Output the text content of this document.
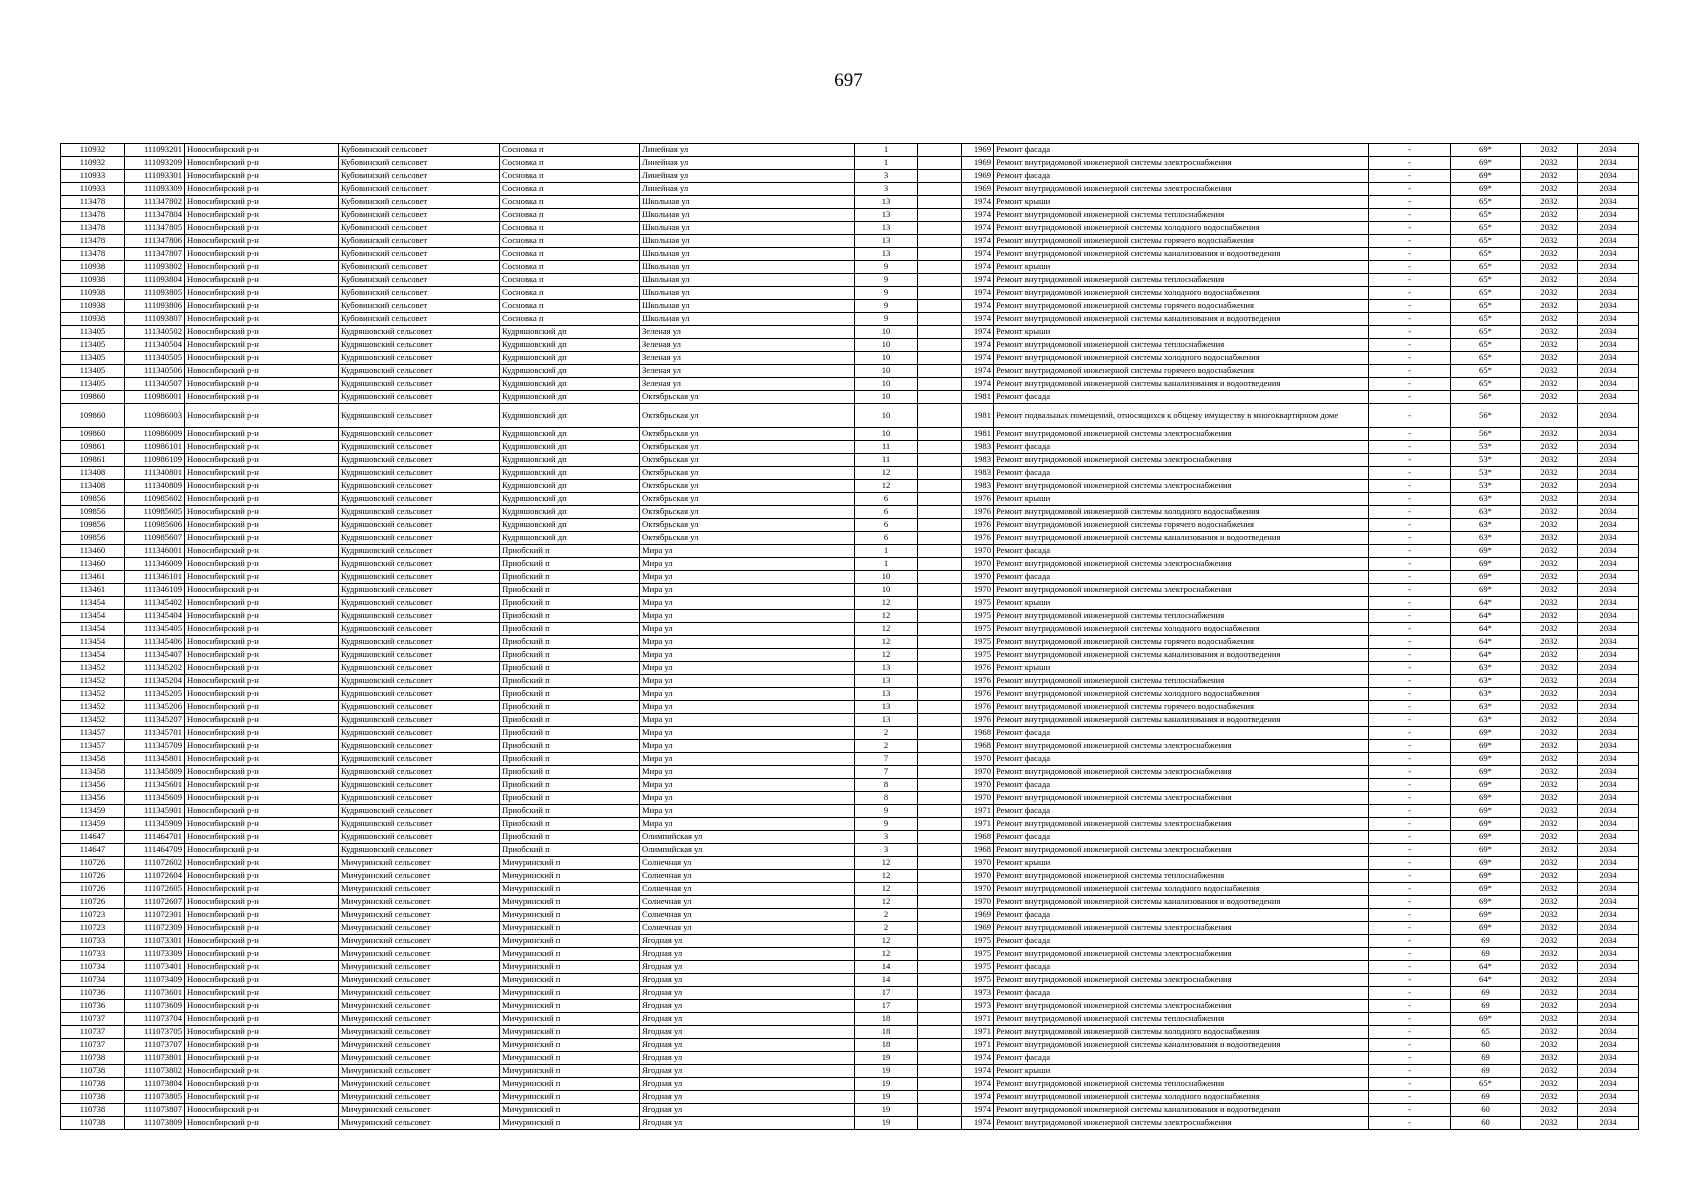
697
110932	111093201	Новосибирский р-н	Кубовинский сельсовет	Сосновка п	Линейная ул	1		1969	Ремонт фасада	-	69*	2032	2034
110932	111093209	Новосибирский р-н	Кубовинский сельсовет	Сосновка п	Линейная ул	1		1969	Ремонт внутридомовой инженерной системы электроснабжения	-	69*	2032	2034
110933	111093301	Новосибирский р-н	Кубовинский сельсовет	Сосновка п	Линейная ул	3		1969	Ремонт фасада	-	69*	2032	2034
110933	111093309	Новосибирский р-н	Кубовинский сельсовет	Сосновка п	Линейная ул	3		1969	Ремонт внутридомовой инженерной системы электроснабжения	-	69*	2032	2034
113478	111347802	Новосибирский р-н	Кубовинский сельсовет	Сосновка п	Школьная ул	13		1974	Ремонт крыши	-	65*	2032	2034
113478	111347804	Новосибирский р-н	Кубовинский сельсовет	Сосновка п	Школьная ул	13		1974	Ремонт внутридомовой инженерной системы теплоснабжения	-	65*	2032	2034
113478	111347805	Новосибирский р-н	Кубовинский сельсовет	Сосновка п	Школьная ул	13		1974	Ремонт внутридомовой инженерной системы холодного водоснабжения	-	65*	2032	2034
113478	111347806	Новосибирский р-н	Кубовинский сельсовет	Сосновка п	Школьная ул	13		1974	Ремонт внутридомовой инженерной системы горячего водоснабжения	-	65*	2032	2034
113478	111347807	Новосибирский р-н	Кубовинский сельсовет	Сосновка п	Школьная ул	13		1974	Ремонт внутридомовой инженерной системы канализования и водоотведения	-	65*	2032	2034
110938	111093802	Новосибирский р-н	Кубовинский сельсовет	Сосновка п	Школьная ул	9		1974	Ремонт крыши	-	65*	2032	2034
110938	111093804	Новосибирский р-н	Кубовинский сельсовет	Сосновка п	Школьная ул	9		1974	Ремонт внутридомовой инженерной системы теплоснабжения	-	65*	2032	2034
110938	111093805	Новосибирский р-н	Кубовинский сельсовет	Сосновка п	Школьная ул	9		1974	Ремонт внутридомовой инженерной системы холодного водоснабжения	-	65*	2032	2034
110938	111093806	Новосибирский р-н	Кубовинский сельсовет	Сосновка п	Школьная ул	9		1974	Ремонт внутридомовой инженерной системы горячего водоснабжения	-	65*	2032	2034
110938	111093807	Новосибирский р-н	Кубовинский сельсовет	Сосновка п	Школьная ул	9		1974	Ремонт внутридомовой инженерной системы канализования и водоотведения	-	65*	2032	2034
113405	111340502	Новосибирский р-н	Кудряшовский сельсовет	Кудряшовский дп	Зеленая ул	10		1974	Ремонт крыши	-	65*	2032	2034
113405	111340504	Новосибирский р-н	Кудряшовский сельсовет	Кудряшовский дп	Зеленая ул	10		1974	Ремонт внутридомовой инженерной системы теплоснабжения	-	65*	2032	2034
113405	111340505	Новосибирский р-н	Кудряшовский сельсовет	Кудряшовский дп	Зеленая ул	10		1974	Ремонт внутридомовой инженерной системы холодного водоснабжения	-	65*	2032	2034
113405	111340506	Новосибирский р-н	Кудряшовский сельсовет	Кудряшовский дп	Зеленая ул	10		1974	Ремонт внутридомовой инженерной системы горячего водоснабжения	-	65*	2032	2034
113405	111340507	Новосибирский р-н	Кудряшовский сельсовет	Кудряшовский дп	Зеленая ул	10		1974	Ремонт внутридомовой инженерной системы канализования и водоотведения	-	65*	2032	2034
109860	110986001	Новосибирский р-н	Кудряшовский сельсовет	Кудряшовский дп	Октябрьская ул	10		1981	Ремонт фасада	-	56*	2032	2034
109860	110986003	Новосибирский р-н	Кудряшовский сельсовет	Кудряшовский дп	Октябрьская ул	10		1981	Ремонт подвальных помещений, относящихся к общему имуществу в многоквартирном доме	-	56*	2032	2034
109860	110986009	Новосибирский р-н	Кудряшовский сельсовет	Кудряшовский дп	Октябрьская ул	10		1981	Ремонт внутридомовой инженерной системы электроснабжения	-	56*	2032	2034
109861	110986101	Новосибирский р-н	Кудряшовский сельсовет	Кудряшовский дп	Октябрьская ул	11		1983	Ремонт фасада	-	53*	2032	2034
109861	110986109	Новосибирский р-н	Кудряшовский сельсовет	Кудряшовский дп	Октябрьская ул	11		1983	Ремонт внутридомовой инженерной системы электроснабжения	-	53*	2032	2034
113408	111340801	Новосибирский р-н	Кудряшовский сельсовет	Кудряшовский дп	Октябрьская ул	12		1983	Ремонт фасада	-	53*	2032	2034
113408	111340809	Новосибирский р-н	Кудряшовский сельсовет	Кудряшовский дп	Октябрьская ул	12		1983	Ремонт внутридомовой инженерной системы электроснабжения	-	53*	2032	2034
109856	110985602	Новосибирский р-н	Кудряшовский сельсовет	Кудряшовский дп	Октябрьская ул	6		1976	Ремонт крыши	-	63*	2032	2034
109856	110985605	Новосибирский р-н	Кудряшовский сельсовет	Кудряшовский дп	Октябрьская ул	6		1976	Ремонт внутридомовой инженерной системы холодного водоснабжения	-	63*	2032	2034
109856	110985606	Новосибирский р-н	Кудряшовский сельсовет	Кудряшовский дп	Октябрьская ул	6		1976	Ремонт внутридомовой инженерной системы горячего водоснабжения	-	63*	2032	2034
109856	110985607	Новосибирский р-н	Кудряшовский сельсовет	Кудряшовский дп	Октябрьская ул	6		1976	Ремонт внутридомовой инженерной системы канализования и водоотведения	-	63*	2032	2034
113460	111346001	Новосибирский р-н	Кудряшовский сельсовет	Приобский п	Мира ул	1		1970	Ремонт фасада	-	69*	2032	2034
113460	111346009	Новосибирский р-н	Кудряшовский сельсовет	Приобский п	Мира ул	1		1970	Ремонт внутридомовой инженерной системы электроснабжения	-	69*	2032	2034
113461	111346101	Новосибирский р-н	Кудряшовский сельсовет	Приобский п	Мира ул	10		1970	Ремонт фасада	-	69*	2032	2034
113461	111346109	Новосибирский р-н	Кудряшовский сельсовет	Приобский п	Мира ул	10		1970	Ремонт внутридомовой инженерной системы электроснабжения	-	69*	2032	2034
113454	111345402	Новосибирский р-н	Кудряшовский сельсовет	Приобский п	Мира ул	12		1975	Ремонт крыши	-	64*	2032	2034
113454	111345404	Новосибирский р-н	Кудряшовский сельсовет	Приобский п	Мира ул	12		1975	Ремонт внутридомовой инженерной системы теплоснабжения	-	64*	2032	2034
113454	111345405	Новосибирский р-н	Кудряшовский сельсовет	Приобский п	Мира ул	12		1975	Ремонт внутридомовой инженерной системы холодного водоснабжения	-	64*	2032	2034
113454	111345406	Новосибирский р-н	Кудряшовский сельсовет	Приобский п	Мира ул	12		1975	Ремонт внутридомовой инженерной системы горячего водоснабжения	-	64*	2032	2034
113454	111345407	Новосибирский р-н	Кудряшовский сельсовет	Приобский п	Мира ул	12		1975	Ремонт внутридомовой инженерной системы канализования и водоотведения	-	64*	2032	2034
113452	111345202	Новосибирский р-н	Кудряшовский сельсовет	Приобский п	Мира ул	13		1976	Ремонт крыши	-	63*	2032	2034
113452	111345204	Новосибирский р-н	Кудряшовский сельсовет	Приобский п	Мира ул	13		1976	Ремонт внутридомовой инженерной системы теплоснабжения	-	63*	2032	2034
113452	111345205	Новосибирский р-н	Кудряшовский сельсовет	Приобский п	Мира ул	13		1976	Ремонт внутридомовой инженерной системы холодного водоснабжения	-	63*	2032	2034
113452	111345206	Новосибирский р-н	Кудряшовский сельсовет	Приобский п	Мира ул	13		1976	Ремонт внутридомовой инженерной системы горячего водоснабжения	-	63*	2032	2034
113452	111345207	Новосибирский р-н	Кудряшовский сельсовет	Приобский п	Мира ул	13		1976	Ремонт внутридомовой инженерной системы канализования и водоотведения	-	63*	2032	2034
113457	111345701	Новосибирский р-н	Кудряшовский сельсовет	Приобский п	Мира ул	2		1968	Ремонт фасада	-	69*	2032	2034
113457	111345709	Новосибирский р-н	Кудряшовский сельсовет	Приобский п	Мира ул	2		1968	Ремонт внутридомовой инженерной системы электроснабжения	-	69*	2032	2034
113458	111345801	Новосибирский р-н	Кудряшовский сельсовет	Приобский п	Мира ул	7		1970	Ремонт фасада	-	69*	2032	2034
113458	111345809	Новосибирский р-н	Кудряшовский сельсовет	Приобский п	Мира ул	7		1970	Ремонт внутридомовой инженерной системы электроснабжения	-	69*	2032	2034
113456	111345601	Новосибирский р-н	Кудряшовский сельсовет	Приобский п	Мира ул	8		1970	Ремонт фасада	-	69*	2032	2034
113456	111345609	Новосибирский р-н	Кудряшовский сельсовет	Приобский п	Мира ул	8		1970	Ремонт внутридомовой инженерной системы электроснабжения	-	69*	2032	2034
113459	111345901	Новосибирский р-н	Кудряшовский сельсовет	Приобский п	Мира ул	9		1971	Ремонт фасада	-	69*	2032	2034
113459	111345909	Новосибирский р-н	Кудряшовский сельсовет	Приобский п	Мира ул	9		1971	Ремонт внутридомовой инженерной системы электроснабжения	-	69*	2032	2034
114647	111464701	Новосибирский р-н	Кудряшовский сельсовет	Приобский п	Олимпийская ул	3		1968	Ремонт фасада	-	69*	2032	2034
114647	111464709	Новосибирский р-н	Кудряшовский сельсовет	Приобский п	Олимпийская ул	3		1968	Ремонт внутридомовой инженерной системы электроснабжения	-	69*	2032	2034
110726	111072602	Новосибирский р-н	Мичуринский сельсовет	Мичуринский п	Солнечная ул	12		1970	Ремонт крыши	-	69*	2032	2034
110726	111072604	Новосибирский р-н	Мичуринский сельсовет	Мичуринский п	Солнечная ул	12		1970	Ремонт внутридомовой инженерной системы теплоснабжения	-	69*	2032	2034
110726	111072605	Новосибирский р-н	Мичуринский сельсовет	Мичуринский п	Солнечная ул	12		1970	Ремонт внутридомовой инженерной системы холодного водоснабжения	-	69*	2032	2034
110726	111072607	Новосибирский р-н	Мичуринский сельсовет	Мичуринский п	Солнечная ул	12		1970	Ремонт внутридомовой инженерной системы канализования и водоотведения	-	69*	2032	2034
110723	111072301	Новосибирский р-н	Мичуринский сельсовет	Мичуринский п	Солнечная ул	2		1969	Ремонт фасада	-	69*	2032	2034
110723	111072309	Новосибирский р-н	Мичуринский сельсовет	Мичуринский п	Солнечная ул	2		1969	Ремонт внутридомовой инженерной системы электроснабжения	-	69*	2032	2034
110733	111073301	Новосибирский р-н	Мичуринский сельсовет	Мичуринский п	Ягодная ул	12		1975	Ремонт фасада	-	69	2032	2034
110733	111073309	Новосибирский р-н	Мичуринский сельсовет	Мичуринский п	Ягодная ул	12		1975	Ремонт внутридомовой инженерной системы электроснабжения	-	69	2032	2034
110734	111073401	Новосибирский р-н	Мичуринский сельсовет	Мичуринский п	Ягодная ул	14		1975	Ремонт фасада	-	64*	2032	2034
110734	111073409	Новосибирский р-н	Мичуринский сельсовет	Мичуринский п	Ягодная ул	14		1975	Ремонт внутридомовой инженерной системы электроснабжения	-	64*	2032	2034
110736	111073601	Новосибирский р-н	Мичуринский сельсовет	Мичуринский п	Ягодная ул	17		1973	Ремонт фасада	-	69	2032	2034
110736	111073609	Новосибирский р-н	Мичуринский сельсовет	Мичуринский п	Ягодная ул	17		1973	Ремонт внутридомовой инженерной системы электроснабжения	-	69	2032	2034
110737	111073704	Новосибирский р-н	Мичуринский сельсовет	Мичуринский п	Ягодная ул	18		1971	Ремонт внутридомовой инженерной системы теплоснабжения	-	69*	2032	2034
110737	111073705	Новосибирский р-н	Мичуринский сельсовет	Мичуринский п	Ягодная ул	18		1971	Ремонт внутридомовой инженерной системы холодного водоснабжения	-	65	2032	2034
110737	111073707	Новосибирский р-н	Мичуринский сельсовет	Мичуринский п	Ягодная ул	18		1971	Ремонт внутридомовой инженерной системы канализования и водоотведения	-	60	2032	2034
110738	111073801	Новосибирский р-н	Мичуринский сельсовет	Мичуринский п	Ягодная ул	19		1974	Ремонт фасада	-	69	2032	2034
110738	111073802	Новосибирский р-н	Мичуринский сельсовет	Мичуринский п	Ягодная ул	19		1974	Ремонт крыши	-	69	2032	2034
110738	111073804	Новосибирский р-н	Мичуринский сельсовет	Мичуринский п	Ягодная ул	19		1974	Ремонт внутридомовой инженерной системы теплоснабжения	-	65*	2032	2034
110738	111073805	Новосибирский р-н	Мичуринский сельсовет	Мичуринский п	Ягодная ул	19		1974	Ремонт внутридомовой инженерной системы холодного водоснабжения	-	69	2032	2034
110738	111073807	Новосибирский р-н	Мичуринский сельсовет	Мичуринский п	Ягодная ул	19		1974	Ремонт внутридомовой инженерной системы канализования и водоотведения	-	60	2032	2034
110738	111073809	Новосибирский р-н	Мичуринский сельсовет	Мичуринский п	Ягодная ул	19		1974	Ремонт внутридомовой инженерной системы электроснабжения	-	60	2032	2034
